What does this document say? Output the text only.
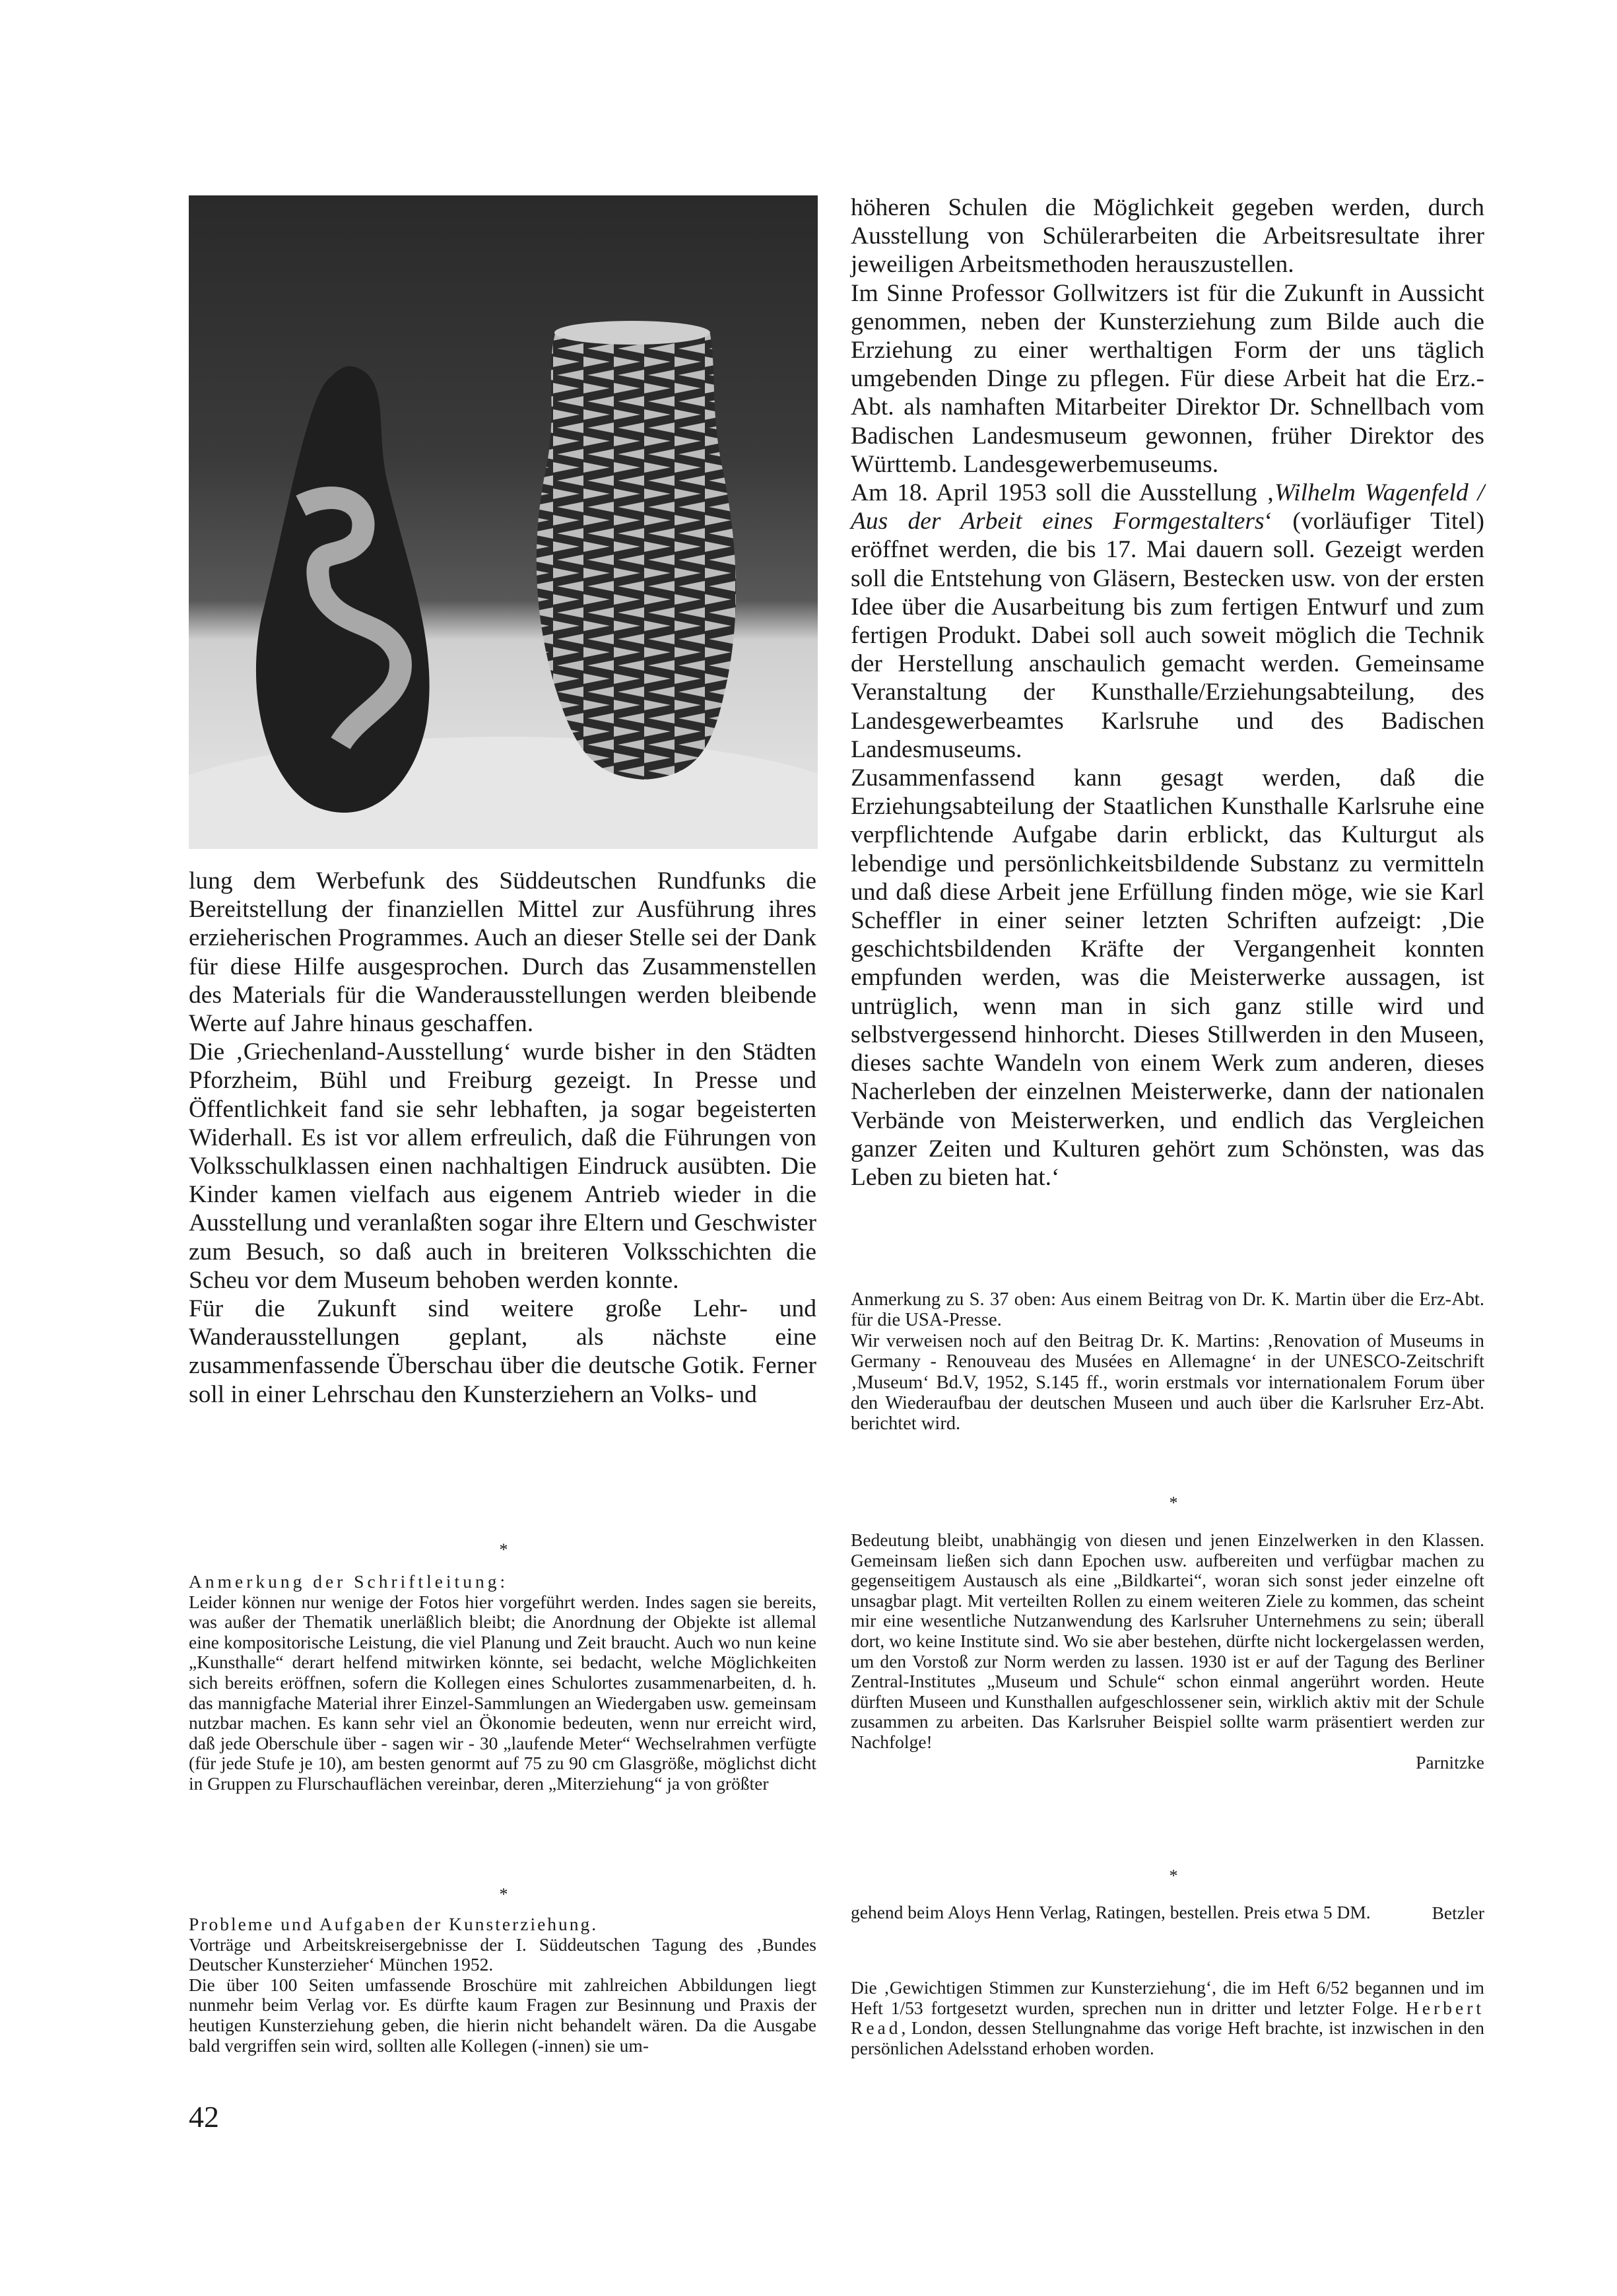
lung dem Werbefunk des Süddeutschen Rundfunks die Bereitstellung der finanziellen Mittel zur Ausführung ihres erzieherischen Programmes. Auch an dieser Stelle sei der Dank für diese Hilfe ausgesprochen. Durch das Zusammenstellen des Materials für die Wanderausstellungen werden bleibende Werte auf Jahre hinaus geschaffen.

Die ‚Griechenland-Ausstellung‘ wurde bisher in den Städten Pforzheim, Bühl und Freiburg gezeigt. In Presse und Öffentlichkeit fand sie sehr lebhaften, ja sogar begeisterten Widerhall. Es ist vor allem erfreulich, daß die Führungen von Volksschulklassen einen nachhaltigen Eindruck ausübten. Die Kinder kamen vielfach aus eigenem Antrieb wieder in die Ausstellung und veranlaßten sogar ihre Eltern und Geschwister zum Besuch, so daß auch in breiteren Volksschichten die Scheu vor dem Museum behoben werden konnte.

Für die Zukunft sind weitere große Lehr- und Wanderausstellungen geplant, als nächste eine zusammenfassende Überschau über die deutsche Gotik. Ferner soll in einer Lehrschau den Kunsterziehern an Volks- und

höheren Schulen die Möglichkeit gegeben werden, durch Ausstellung von Schülerarbeiten die Arbeitsresultate ihrer jeweiligen Arbeitsmethoden herauszustellen.

Im Sinne Professor Gollwitzers ist für die Zukunft in Aussicht genommen, neben der Kunsterziehung zum Bilde auch die Erziehung zu einer werthaltigen Form der uns täglich umgebenden Dinge zu pflegen. Für diese Arbeit hat die Erz.-Abt. als namhaften Mitarbeiter Direktor Dr. Schnellbach vom Badischen Landesmuseum gewonnen, früher Direktor des Württemb. Landesgewerbemuseums.

Am 18. April 1953 soll die Ausstellung ‚Wilhelm Wagenfeld / Aus der Arbeit eines Formgestalters‘ (vorläufiger Titel) eröffnet werden, die bis 17. Mai dauern soll. Gezeigt werden soll die Entstehung von Gläsern, Bestecken usw. von der ersten Idee über die Ausarbeitung bis zum fertigen Entwurf und zum fertigen Produkt. Dabei soll auch soweit möglich die Technik der Herstellung anschaulich gemacht werden. Gemeinsame Veranstaltung der Kunsthalle/Erziehungsabteilung, des Landesgewerbeamtes Karlsruhe und des Badischen Landesmuseums.

Zusammenfassend kann gesagt werden, daß die Erziehungsabteilung der Staatlichen Kunsthalle Karlsruhe eine verpflichtende Aufgabe darin erblickt, das Kulturgut als lebendige und persönlichkeitsbildende Substanz zu vermitteln und daß diese Arbeit jene Erfüllung finden möge, wie sie Karl Scheffler in einer seiner letzten Schriften aufzeigt: ‚Die geschichtsbildenden Kräfte der Vergangenheit konnten empfunden werden, was die Meisterwerke aussagen, ist untrüglich, wenn man in sich ganz stille wird und selbstvergessend hinhorcht. Dieses Stillwerden in den Museen, dieses sachte Wandeln von einem Werk zum anderen, dieses Nacherleben der einzelnen Meisterwerke, dann der nationalen Verbände von Meisterwerken, und endlich das Vergleichen ganzer Zeiten und Kulturen gehört zum Schönsten, was das Leben zu bieten hat.‘

Anmerkung zu S. 37 oben: Aus einem Beitrag von Dr. K. Martin über die Erz-Abt. für die USA-Presse.

Wir verweisen noch auf den Beitrag Dr. K. Martins: ‚Renovation of Museums in Germany - Renouveau des Musées en Allemagne‘ in der UNESCO-Zeitschrift ‚Museum‘ Bd.V, 1952, S.145 ff., worin erstmals vor internationalem Forum über den Wiederaufbau der deutschen Museen und auch über die Karlsruher Erz-Abt. berichtet wird.

*
*
*
*

Anmerkung der Schriftleitung:

Leider können nur wenige der Fotos hier vorgeführt werden. Indes sagen sie bereits, was außer der Thematik unerläßlich bleibt; die Anordnung der Objekte ist allemal eine kompositorische Leistung, die viel Planung und Zeit braucht. Auch wo nun keine „Kunsthalle“ derart helfend mitwirken könnte, sei bedacht, welche Möglichkeiten sich bereits eröffnen, sofern die Kollegen eines Schulortes zusammenarbeiten, d. h. das mannigfache Material ihrer Einzel-Sammlungen an Wiedergaben usw. gemeinsam nutzbar machen. Es kann sehr viel an Ökonomie bedeuten, wenn nur erreicht wird, daß jede Oberschule über - sagen wir - 30 „laufende Meter“ Wechselrahmen verfügte (für jede Stufe je 10), am besten genormt auf 75 zu 90 cm Glasgröße, möglichst dicht in Gruppen zu Flurschauflächen vereinbar, deren „Miterziehung“ ja von größter

Bedeutung bleibt, unabhängig von diesen und jenen Einzelwerken in den Klassen. Gemeinsam ließen sich dann Epochen usw. aufbereiten und verfügbar machen zu gegenseitigem Austausch als eine „Bildkartei“, woran sich sonst jeder einzelne oft unsagbar plagt. Mit verteilten Rollen zu einem weiteren Ziele zu kommen, das scheint mir eine wesentliche Nutzanwendung des Karlsruher Unternehmens zu sein; überall dort, wo keine Institute sind. Wo sie aber bestehen, dürfte nicht lockergelassen werden, um den Vorstoß zur Norm werden zu lassen. 1930 ist er auf der Tagung des Berliner Zentral-Institutes „Museum und Schule“ schon einmal angerührt worden. Heute dürften Museen und Kunsthallen aufgeschlossener sein, wirklich aktiv mit der Schule zusammen zu arbeiten. Das Karlsruher Beispiel sollte warm präsentiert werden zur Nachfolge!

Parnitzke

Probleme und Aufgaben der Kunsterziehung.

Vorträge und Arbeitskreisergebnisse der I. Süddeutschen Tagung des ‚Bundes Deutscher Kunsterzieher‘ München 1952.

Die über 100 Seiten umfassende Broschüre mit zahlreichen Abbildungen liegt nunmehr beim Verlag vor. Es dürfte kaum Fragen zur Besinnung und Praxis der heutigen Kunsterziehung geben, die hierin nicht behandelt wären. Da die Ausgabe bald vergriffen sein wird, sollten alle Kollegen (-innen) sie um-

gehend beim Aloys Henn Verlag, Ratingen, bestellen. Preis etwa 5 DM.	Betzler

Die ‚Gewichtigen Stimmen zur Kunsterziehung‘, die im Heft 6/52 begannen und im Heft 1/53 fortgesetzt wurden, sprechen nun in dritter und letzter Folge. Herbert Read, London, dessen Stellungnahme das vorige Heft brachte, ist inzwischen in den persönlichen Adelsstand erhoben worden.

42
